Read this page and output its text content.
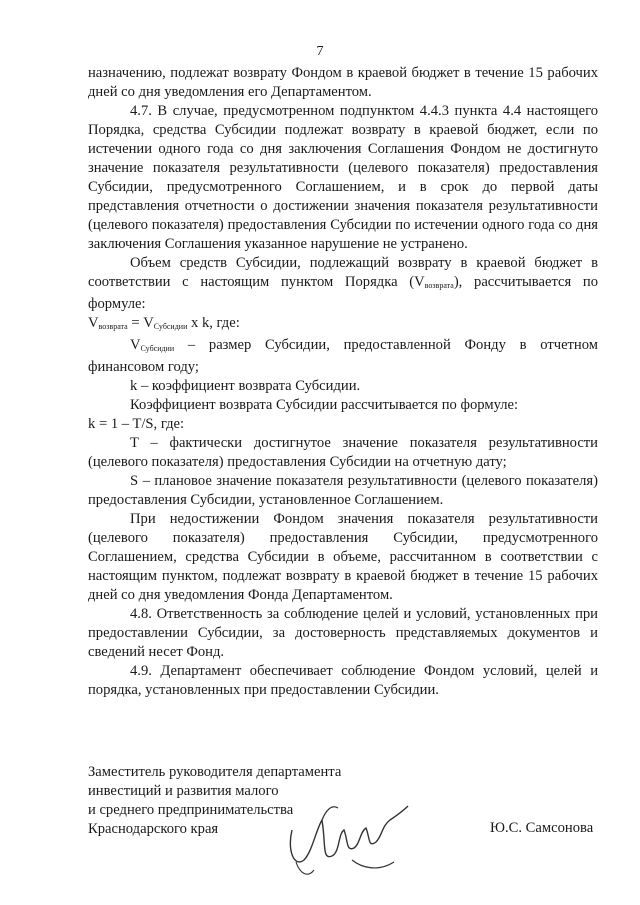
7

назначению, подлежат возврату Фондом в краевой бюджет в течение 15 рабочих дней со дня уведомления его Департаментом.

4.7. В случае, предусмотренном подпунктом 4.4.3 пункта 4.4 настоящего Порядка, средства Субсидии подлежат возврату в краевой бюджет, если по истечении одного года со дня заключения Соглашения Фондом не достигнуто значение показателя результативности (целевого показателя) предоставления Субсидии, предусмотренного Соглашением, и в срок до первой даты представления отчетности о достижении значения показателя результативности (целевого показателя) предоставления Субсидии по истечении одного года со дня заключения Соглашения указанное нарушение не устранено.

Объем средств Субсидии, подлежащий возврату в краевой бюджет в соответствии с настоящим пунктом Порядка $(V_{возврата})$, рассчитывается по формуле:

$V_{возврата} = V_{Субсидии}$ x k, где:

$V_{Субсидии}$ – размер Субсидии, предоставленной Фонду в отчетном финансовом году;

k – коэффициент возврата Субсидии.

Коэффициент возврата Субсидии рассчитывается по формуле:

k = 1 – T/S, где:

T – фактически достигнутое значение показателя результативности (целевого показателя) предоставления Субсидии на отчетную дату;

S – плановое значение показателя результативности (целевого показателя) предоставления Субсидии, установленное Соглашением.

При недостижении Фондом значения показателя результативности (целевого показателя) предоставления Субсидии, предусмотренного Соглашением, средства Субсидии в объеме, рассчитанном в соответствии с настоящим пунктом, подлежат возврату в краевой бюджет в течение 15 рабочих дней со дня уведомления Фонда Департаментом.

4.8. Ответственность за соблюдение целей и условий, установленных при предоставлении Субсидии, за достоверность представляемых документов и сведений несет Фонд.

4.9. Департамент обеспечивает соблюдение Фондом условий, целей и порядка, установленных при предоставлении Субсидии.

Заместитель руководителя департамента
инвестиций и развития малого
и среднего предпринимательства
Краснодарского края	Ю.С. Самсонова
